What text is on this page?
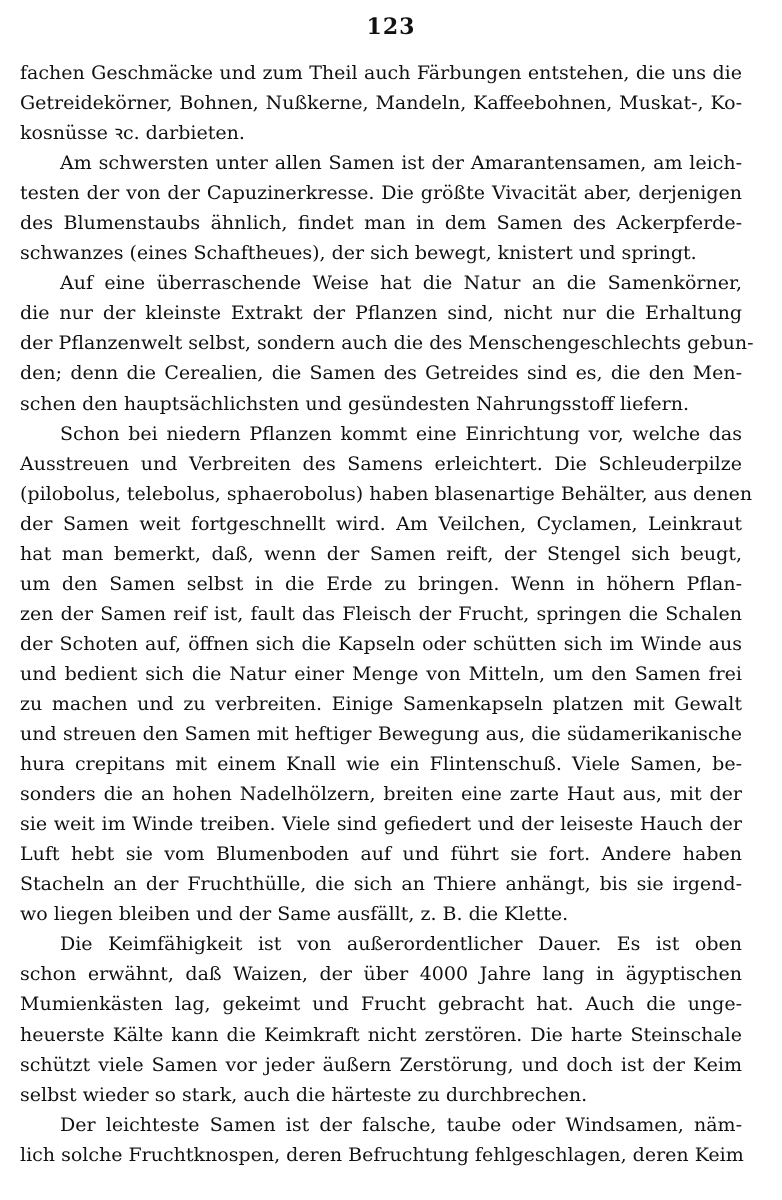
123
fachen Geschmäcke und zum Theil auch Färbungen entstehen, die uns die
Getreidekörner, Bohnen, Nußkerne, Mandeln, Kaffeebohnen, Muskat-, Ko-
kosnüsse ꝛc. darbieten.
Am schwersten unter allen Samen ist der Amarantensamen, am leich-
testen der von der Capuzinerkresse. Die größte Vivacität aber, derjenigen
des Blumenstaubs ähnlich, findet man in dem Samen des Ackerpferde-
schwanzes (eines Schaftheues), der sich bewegt, knistert und springt.
Auf eine überraschende Weise hat die Natur an die Samenkörner,
die nur der kleinste Extrakt der Pflanzen sind, nicht nur die Erhaltung
der Pflanzenwelt selbst, sondern auch die des Menschengeschlechts gebun-
den; denn die Cerealien, die Samen des Getreides sind es, die den Men-
schen den hauptsächlichsten und gesündesten Nahrungsstoff liefern.
Schon bei niedern Pflanzen kommt eine Einrichtung vor, welche das
Ausstreuen und Verbreiten des Samens erleichtert. Die Schleuderpilze
(pilobolus, telebolus, sphaerobolus) haben blasenartige Behälter, aus denen
der Samen weit fortgeschnellt wird. Am Veilchen, Cyclamen, Leinkraut
hat man bemerkt, daß, wenn der Samen reift, der Stengel sich beugt,
um den Samen selbst in die Erde zu bringen. Wenn in höhern Pflan-
zen der Samen reif ist, fault das Fleisch der Frucht, springen die Schalen
der Schoten auf, öffnen sich die Kapseln oder schütten sich im Winde aus
und bedient sich die Natur einer Menge von Mitteln, um den Samen frei
zu machen und zu verbreiten. Einige Samenkapseln platzen mit Gewalt
und streuen den Samen mit heftiger Bewegung aus, die südamerikanische
hura crepitans mit einem Knall wie ein Flintenschuß. Viele Samen, be-
sonders die an hohen Nadelhölzern, breiten eine zarte Haut aus, mit der
sie weit im Winde treiben. Viele sind gefiedert und der leiseste Hauch der
Luft hebt sie vom Blumenboden auf und führt sie fort. Andere haben
Stacheln an der Fruchthülle, die sich an Thiere anhängt, bis sie irgend-
wo liegen bleiben und der Same ausfällt, z. B. die Klette.
Die Keimfähigkeit ist von außerordentlicher Dauer. Es ist oben
schon erwähnt, daß Waizen, der über 4000 Jahre lang in ägyptischen
Mumienkästen lag, gekeimt und Frucht gebracht hat. Auch die unge-
heuerste Kälte kann die Keimkraft nicht zerstören. Die harte Steinschale
schützt viele Samen vor jeder äußern Zerstörung, und doch ist der Keim
selbst wieder so stark, auch die härteste zu durchbrechen.
Der leichteste Samen ist der falsche, taube oder Windsamen, näm-
lich solche Fruchtknospen, deren Befruchtung fehlgeschlagen, deren Keim
